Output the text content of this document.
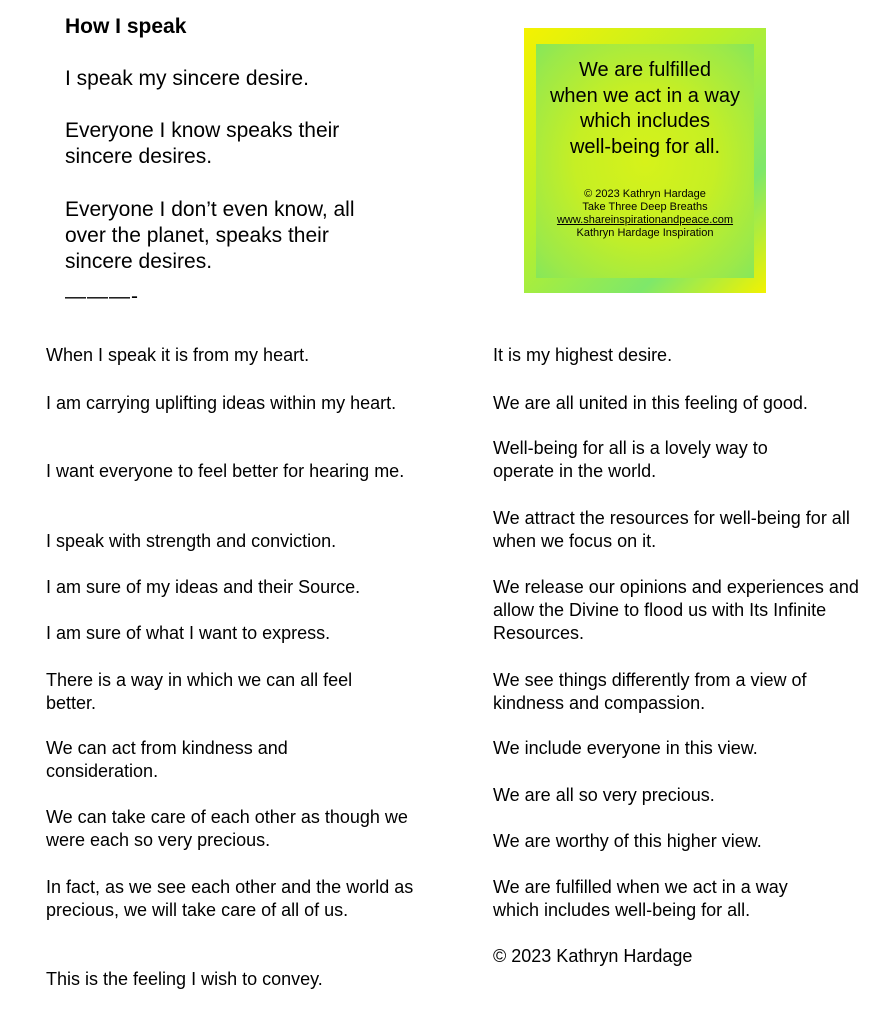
How I speak

I speak my sincere desire.

Everyone I know speaks their sincere desires.

Everyone I don’t even know, all over the planet, speaks their sincere desires.

———-
We are fulfilled
when we act in a way
which includes
well-being for all.
© 2023 Kathryn Hardage
Take Three Deep Breaths
www.shareinspirationandpeace.com
Kathryn Hardage Inspiration

When I speak it is from my heart.

I am carrying uplifting ideas within my heart.

I want everyone to feel better for hearing me.

I speak with strength and conviction.

I am sure of my ideas and their Source.

I am sure of what I want to express.

There is a way in which we can all feel better.

We can act from kindness and consideration.

We can take care of each other as though we were each so very precious.

In fact, as we see each other and the world as precious, we will take care of all of us.

This is the feeling I wish to convey.

It is my highest desire.

We are all united in this feeling of good.

Well-being for all is a lovely way to operate in the world.

We attract the resources for well-being for all when we focus on it.

We release our opinions and experiences and allow the Divine to flood us with Its Infinite Resources.

We see things differently from a view of kindness and compassion.

We include everyone in this view.

We are all so very precious.

We are worthy of this higher view.

We are fulfilled when we act in a way which includes well-being for all.

© 2023 Kathryn Hardage
